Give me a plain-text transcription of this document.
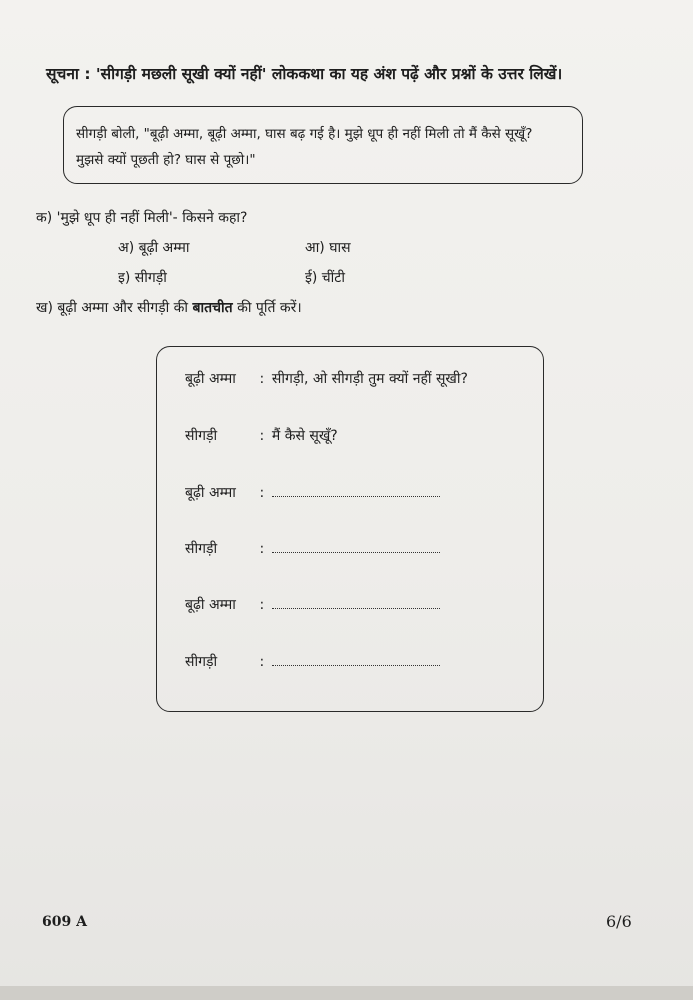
सूचना : 'सीगड़ी मछली सूखी क्यों नहीं' लोककथा का यह अंश पढ़ें और प्रश्नों के उत्तर लिखें।
सीगड़ी बोली, "बूढ़ी अम्मा, बूढ़ी अम्मा, घास बढ़ गई है। मुझे धूप ही नहीं मिली तो मैं कैसे सूखूँ?
मुझसे क्यों पूछती हो? घास से पूछो।"
क) 'मुझे धूप ही नहीं मिली'- किसने कहा?
अ) बूढ़ी अम्मा	आ) घास
इ) सीगड़ी	ई) चींटी
ख) बूढ़ी अम्मा और सीगड़ी की बातचीत की पूर्ति करें।
बूढ़ी अम्मा : सीगड़ी, ओ सीगड़ी तुम क्यों नहीं सूखी?
सीगड़ी	: मैं कैसे सूखूँ?
बूढ़ी अम्मा :
सीगड़ी	:
बूढ़ी अम्मा :
सीगड़ी	:
609 A	6/6
